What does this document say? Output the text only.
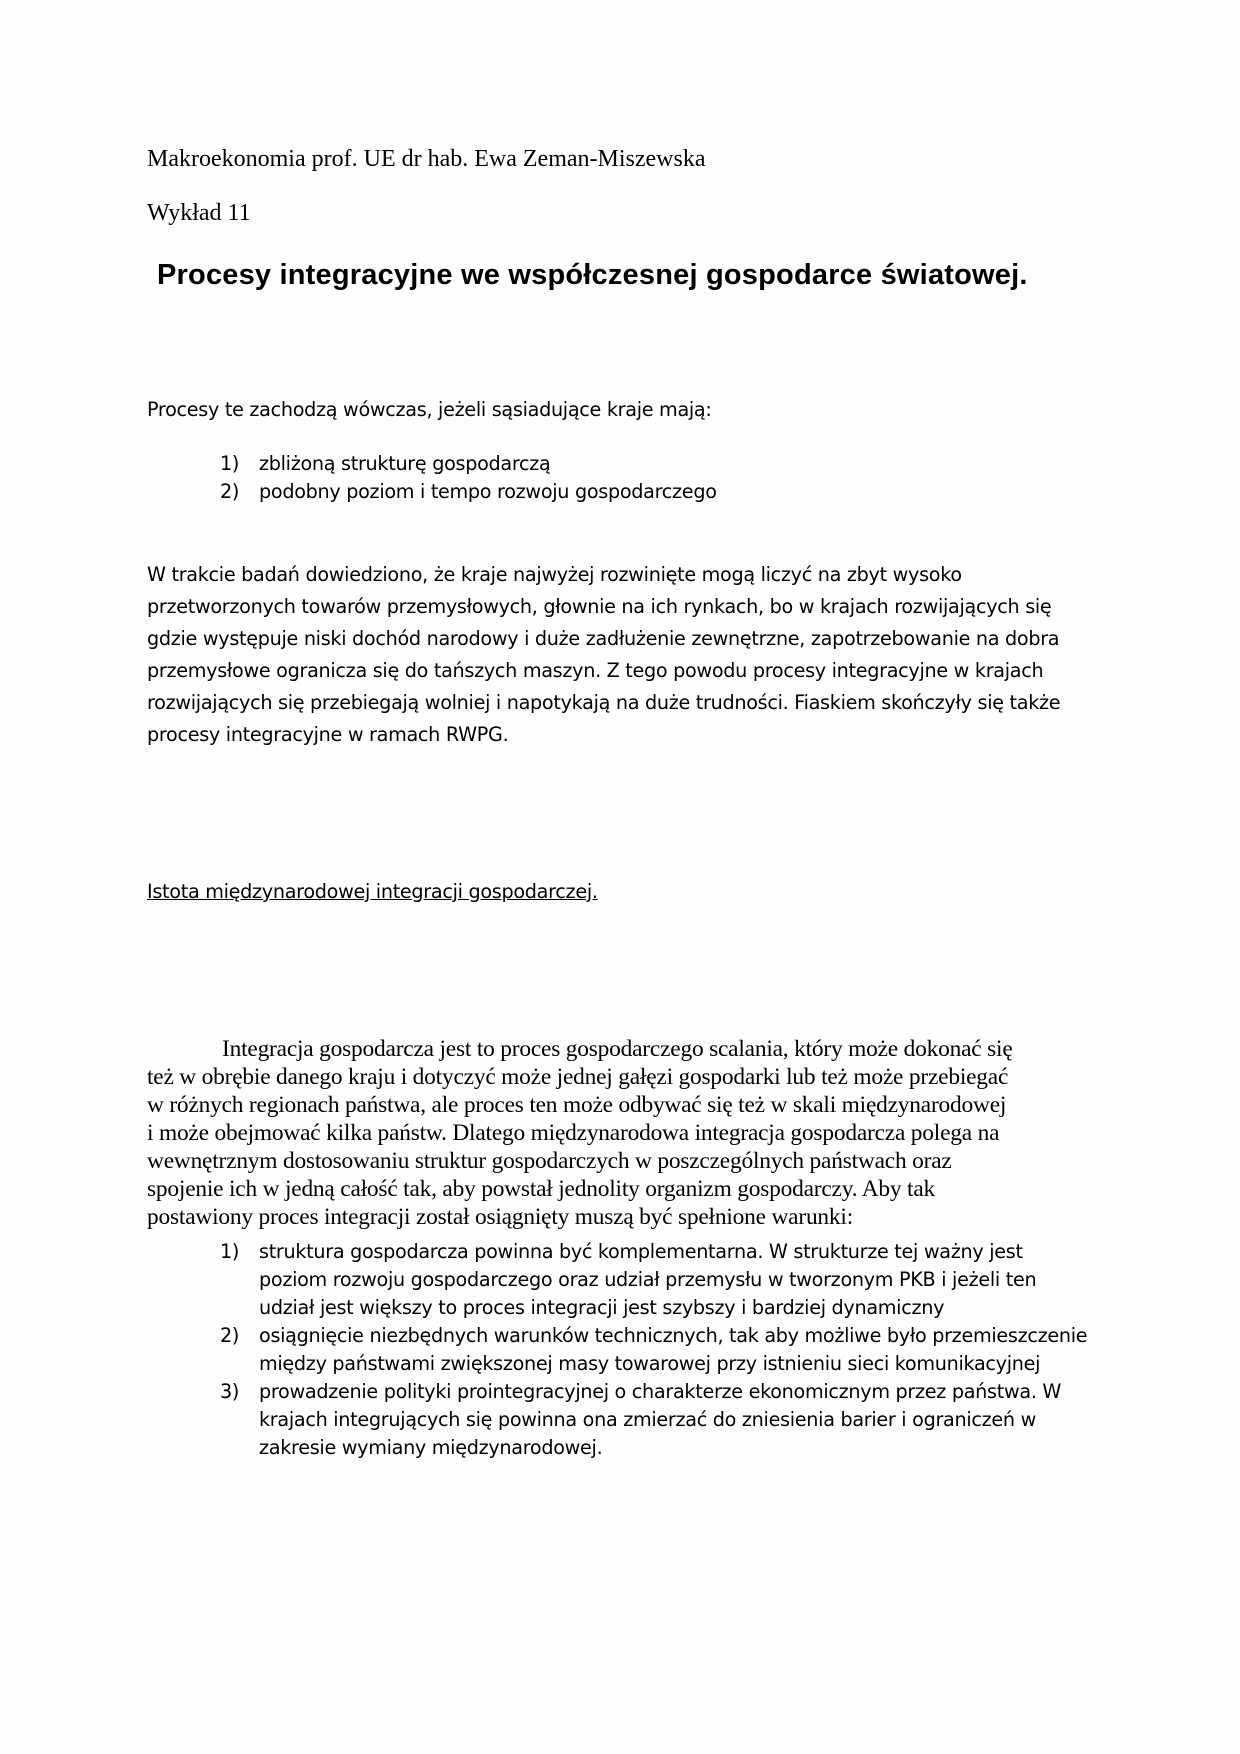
Makroekonomia prof. UE dr hab. Ewa Zeman-Miszewska
Wykład 11
Procesy integracyjne we współczesnej gospodarce światowej.
Procesy te zachodzą wówczas, jeżeli sąsiadujące kraje mają:
1) zbliżoną strukturę gospodarczą
2) podobny poziom i tempo rozwoju gospodarczego
W trakcie badań dowiedziono, że kraje najwyżej rozwinięte mogą liczyć na zbyt wysoko
przetworzonych towarów przemysłowych, głownie na ich rynkach, bo w krajach rozwijających się
gdzie występuje niski dochód narodowy i duże zadłużenie zewnętrzne, zapotrzebowanie na dobra
przemysłowe ogranicza się do tańszych maszyn. Z tego powodu procesy integracyjne w krajach
rozwijających się przebiegają wolniej i napotykają na duże trudności. Fiaskiem skończyły się także
procesy integracyjne w ramach RWPG.
Istota międzynarodowej integracji gospodarczej.
Integracja gospodarcza jest to proces gospodarczego scalania, który może dokonać się
też w obrębie danego kraju i dotyczyć może jednej gałęzi gospodarki lub też może przebiegać
w różnych regionach państwa, ale proces ten może odbywać się też w skali międzynarodowej
i może obejmować kilka państw. Dlatego międzynarodowa integracja gospodarcza polega na
wewnętrznym dostosowaniu struktur gospodarczych w poszczególnych państwach oraz
spojenie ich w jedną całość tak, aby powstał jednolity organizm gospodarczy. Aby tak
postawiony proces integracji został osiągnięty muszą być spełnione warunki:
1) struktura gospodarcza powinna być komplementarna. W strukturze tej ważny jest
poziom rozwoju gospodarczego oraz udział przemysłu w tworzonym PKB i jeżeli ten
udział jest większy to proces integracji jest szybszy i bardziej dynamiczny
2) osiągnięcie niezbędnych warunków technicznych, tak aby możliwe było przemieszczenie
między państwami zwiększonej masy towarowej przy istnieniu sieci komunikacyjnej
3) prowadzenie polityki prointegracyjnej o charakterze ekonomicznym przez państwa. W
krajach integrujących się powinna ona zmierzać do zniesienia barier i ograniczeń w
zakresie wymiany międzynarodowej.
